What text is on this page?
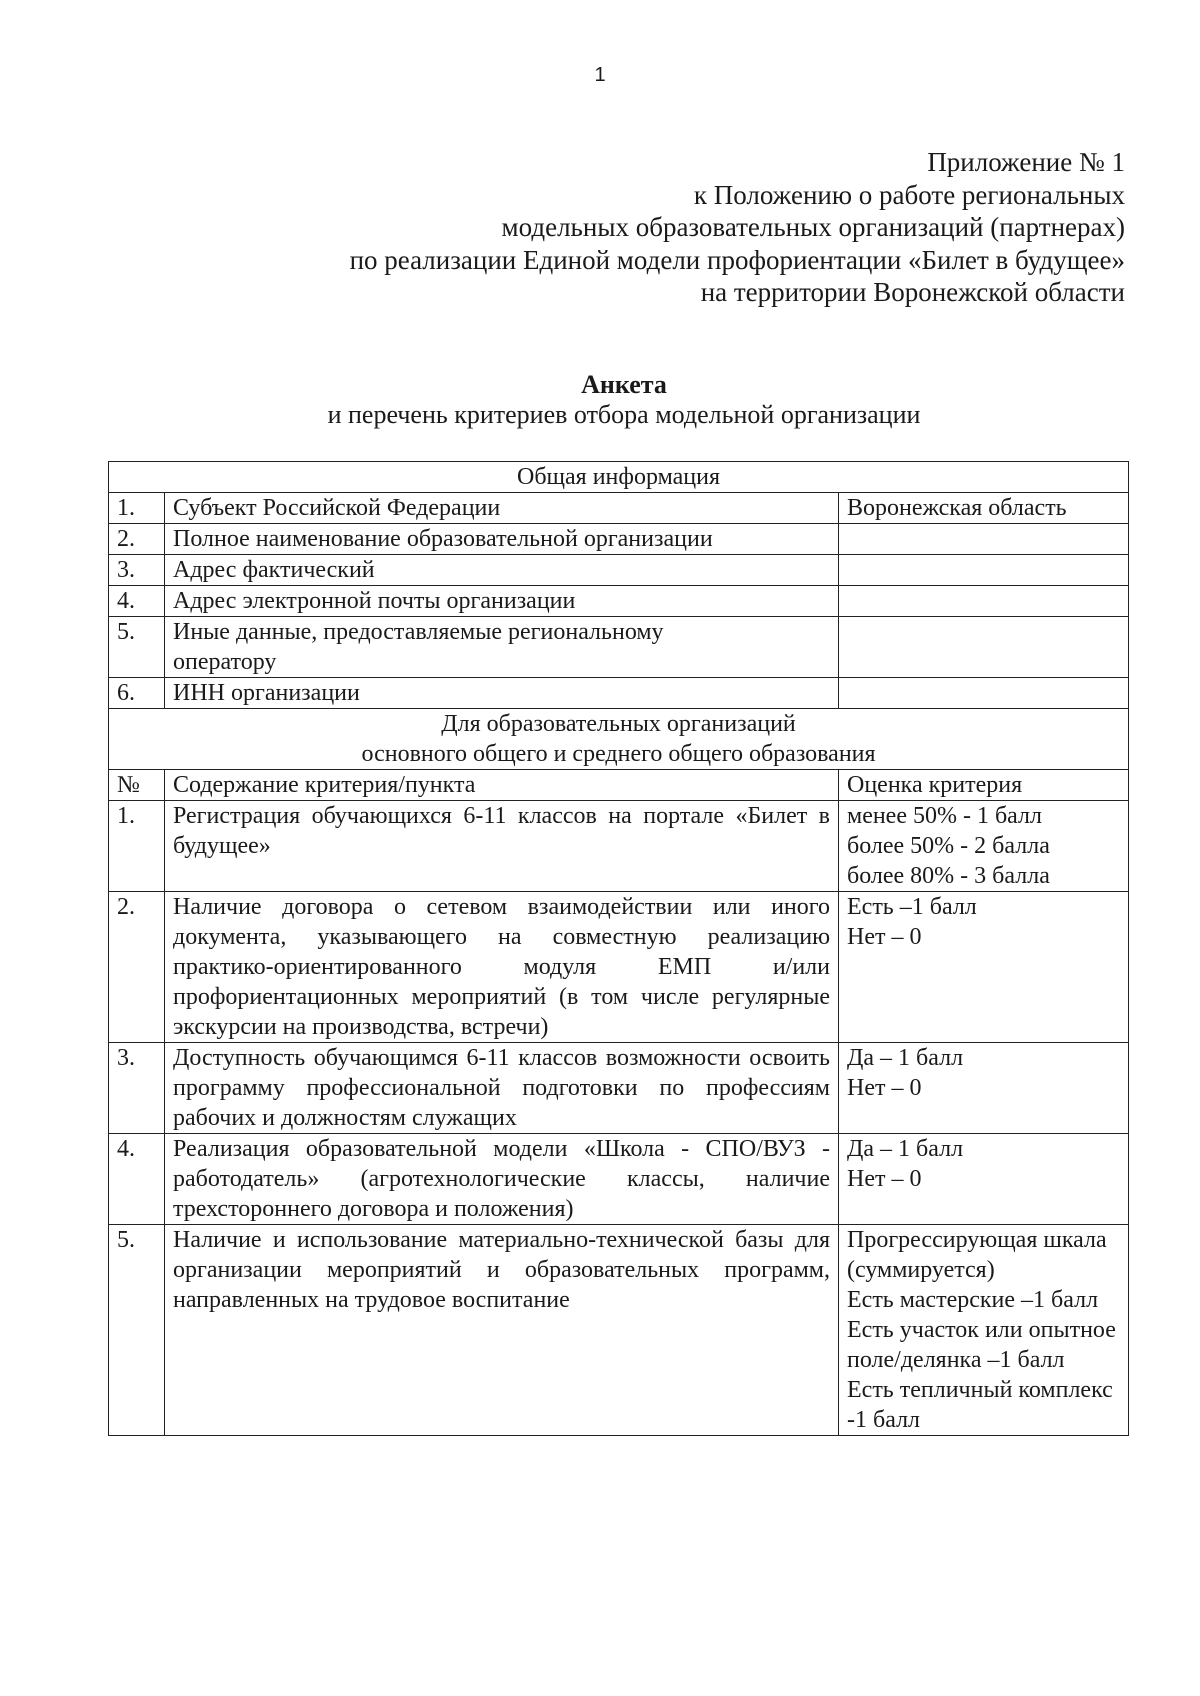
1
Приложение № 1
к Положению о работе региональных
модельных образовательных организаций (партнерах)
по реализации Единой модели профориентации «Билет в будущее»
на территории Воронежской области
Анкета
и перечень критериев отбора модельной организации
Общая информация		
1.	Субъект Российской Федерации	Воронежская область
2.	Полное наименование образовательной организации	
3.	Адрес фактический	
4.	Адрес электронной почты организации	
5.	Иные данные, предоставляемые региональному оператору	
6.	ИНН организации	

Для образовательных организаций
основного общего и среднего общего образования		

№	Содержание критерия/пункта	Оценка критерия
1.	Регистрация обучающихся 6-11 классов на портале «Билет в будущее»	менее 50% - 1 балл
более 50% - 2 балла
более 80% - 3 балла
2.	Наличие договора о сетевом взаимодействии или иного документа, указывающего на совместную реализацию практико-ориентированного модуля ЕМП и/или профориентационных мероприятий (в том числе регулярные экскурсии на производства, встречи)	Есть –1 балл
Нет – 0
3.	Доступность обучающимся 6-11 классов возможности освоить программу профессиональной подготовки по профессиям рабочих и должностям служащих	Да – 1 балл
Нет – 0
4.	Реализация образовательной модели «Школа - СПО/ВУЗ - работодатель» (агротехнологические классы, наличие трехстороннего договора и положения)	Да – 1 балл
Нет – 0
5.	Наличие и использование материально-технической базы для организации мероприятий и образовательных программ, направленных на трудовое воспитание	Прогрессирующая шкала (суммируется)
Есть мастерские –1 балл
Есть участок или опытное поле/делянка –1 балл
Есть тепличный комплекс -1 балл
